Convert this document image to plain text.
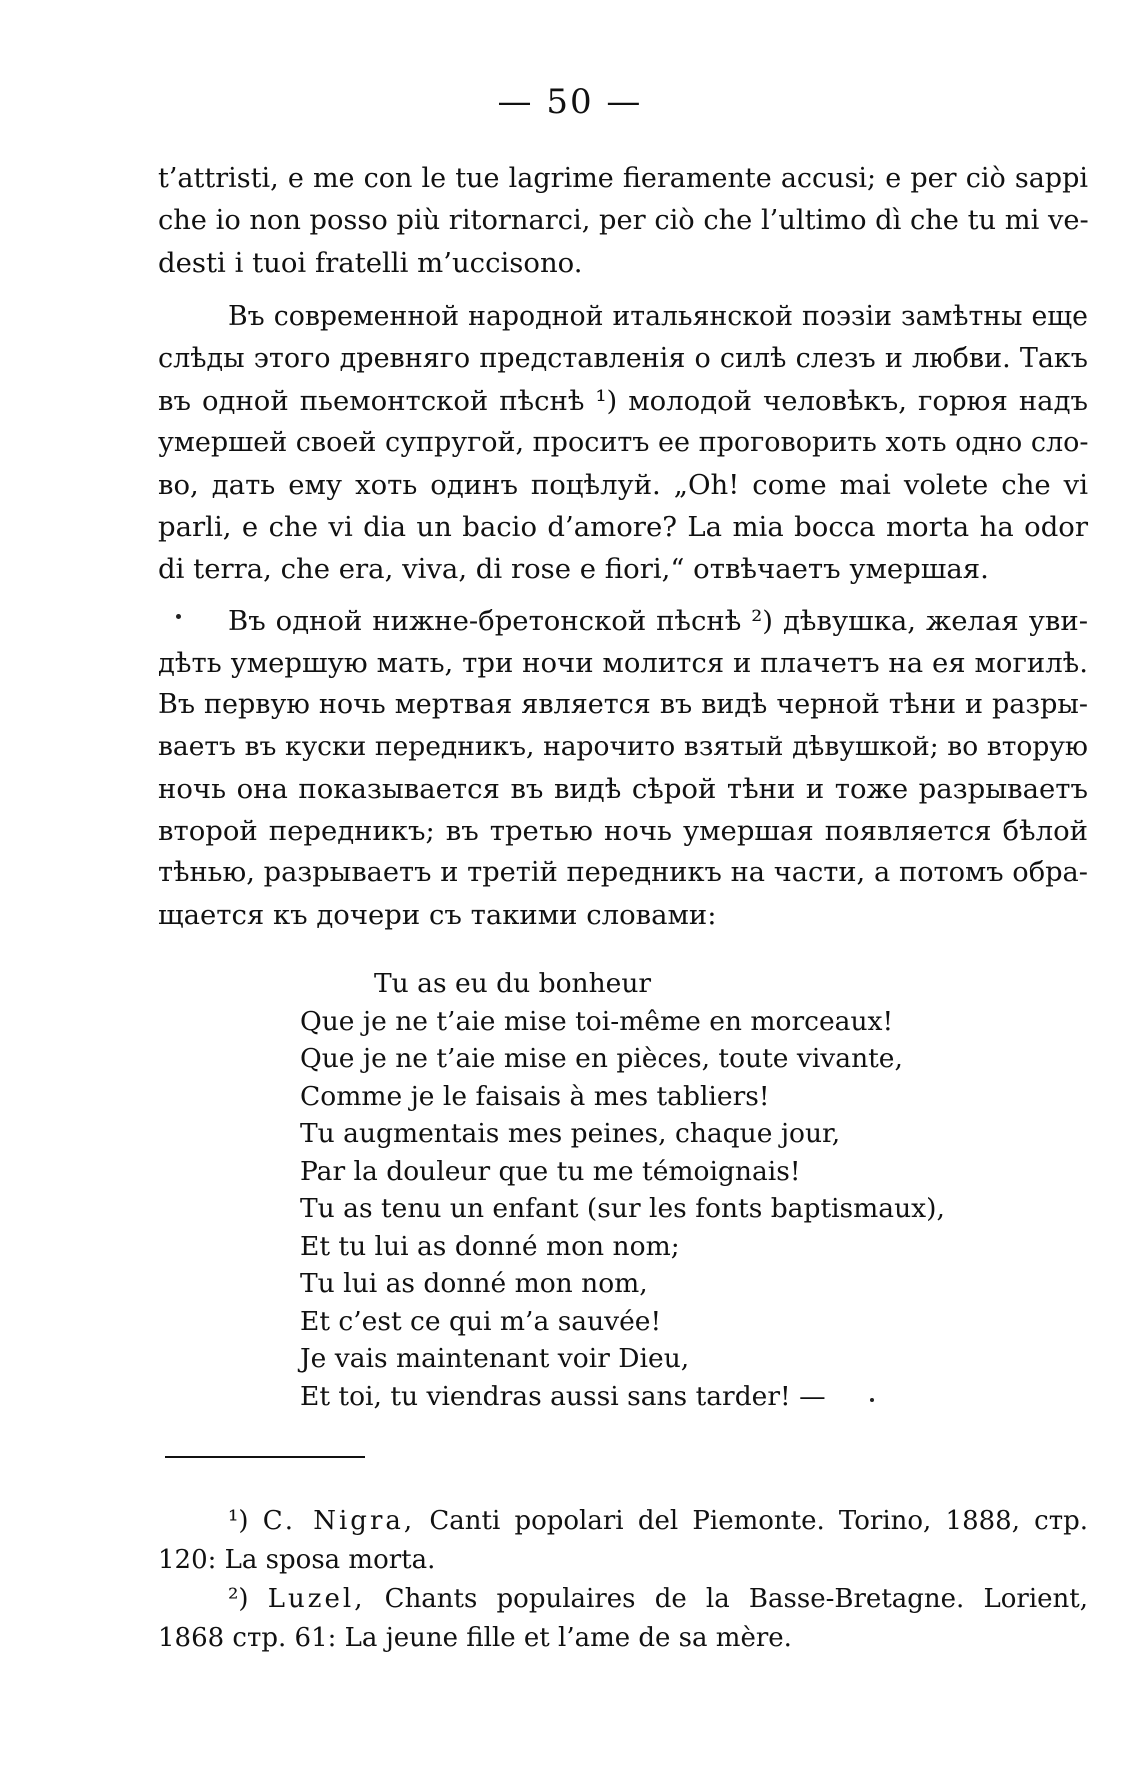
— 50 —
t’attristi, e me con le tue lagrime fieramente accusi; e per ciò sappi
che io non posso più ritornarci, per ciò che l’ultimo dì che tu mi ve-
desti i tuoi fratelli m’uccisono.
Въ современной народной итальянской поэзіи замѣтны еще
слѣды этого древняго представленія о силѣ слезъ и любви. Такъ
въ одной пьемонтской пѣснѣ ¹) молодой человѣкъ, горюя надъ
умершей своей супругой, проситъ ее проговорить хоть одно сло-
во, дать ему хоть одинъ поцѣлуй. „Oh! come mai volete che vi
parli, e che vi dia un bacio d’amore? La mia bocca morta ha odor
di terra, che era, viva, di rose e fiori,“ отвѣчаетъ умершая.
Въ одной нижне-бретонской пѣснѣ ²) дѣвушка, желая уви-
дѣть умершую мать, три ночи молится и плачетъ на ея могилѣ.
Въ первую ночь мертвая является въ видѣ черной тѣни и разры-
ваетъ въ куски передникъ, нарочито взятый дѣвушкой; во вторую
ночь она показывается въ видѣ сѣрой тѣни и тоже разрываетъ
второй передникъ; въ третью ночь умершая появляется бѣлой
тѣнью, разрываетъ и третій передникъ на части, а потомъ обра-
щается къ дочери съ такими словами:
Tu as eu du bonheur
Que je ne t’aie mise toi-même en morceaux!
Que je ne t’aie mise en pièces, toute vivante,
Comme je le faisais à mes tabliers!
Tu augmentais mes peines, chaque jour,
Par la douleur que tu me témoignais!
Tu as tenu un enfant (sur les fonts baptismaux),
Et tu lui as donné mon nom;
Tu lui as donné mon nom,
Et c’est ce qui m’a sauvée!
Je vais maintenant voir Dieu,
Et toi, tu viendras aussi sans tarder! —
¹) C. Nigra, Canti popolari del Piemonte. Torino, 1888, стр.
120: La sposa morta.
²) Luzel, Chants populaires de la Basse-Bretagne. Lorient,
1868 стр. 61: La jeune fille et l’ame de sa mère.
